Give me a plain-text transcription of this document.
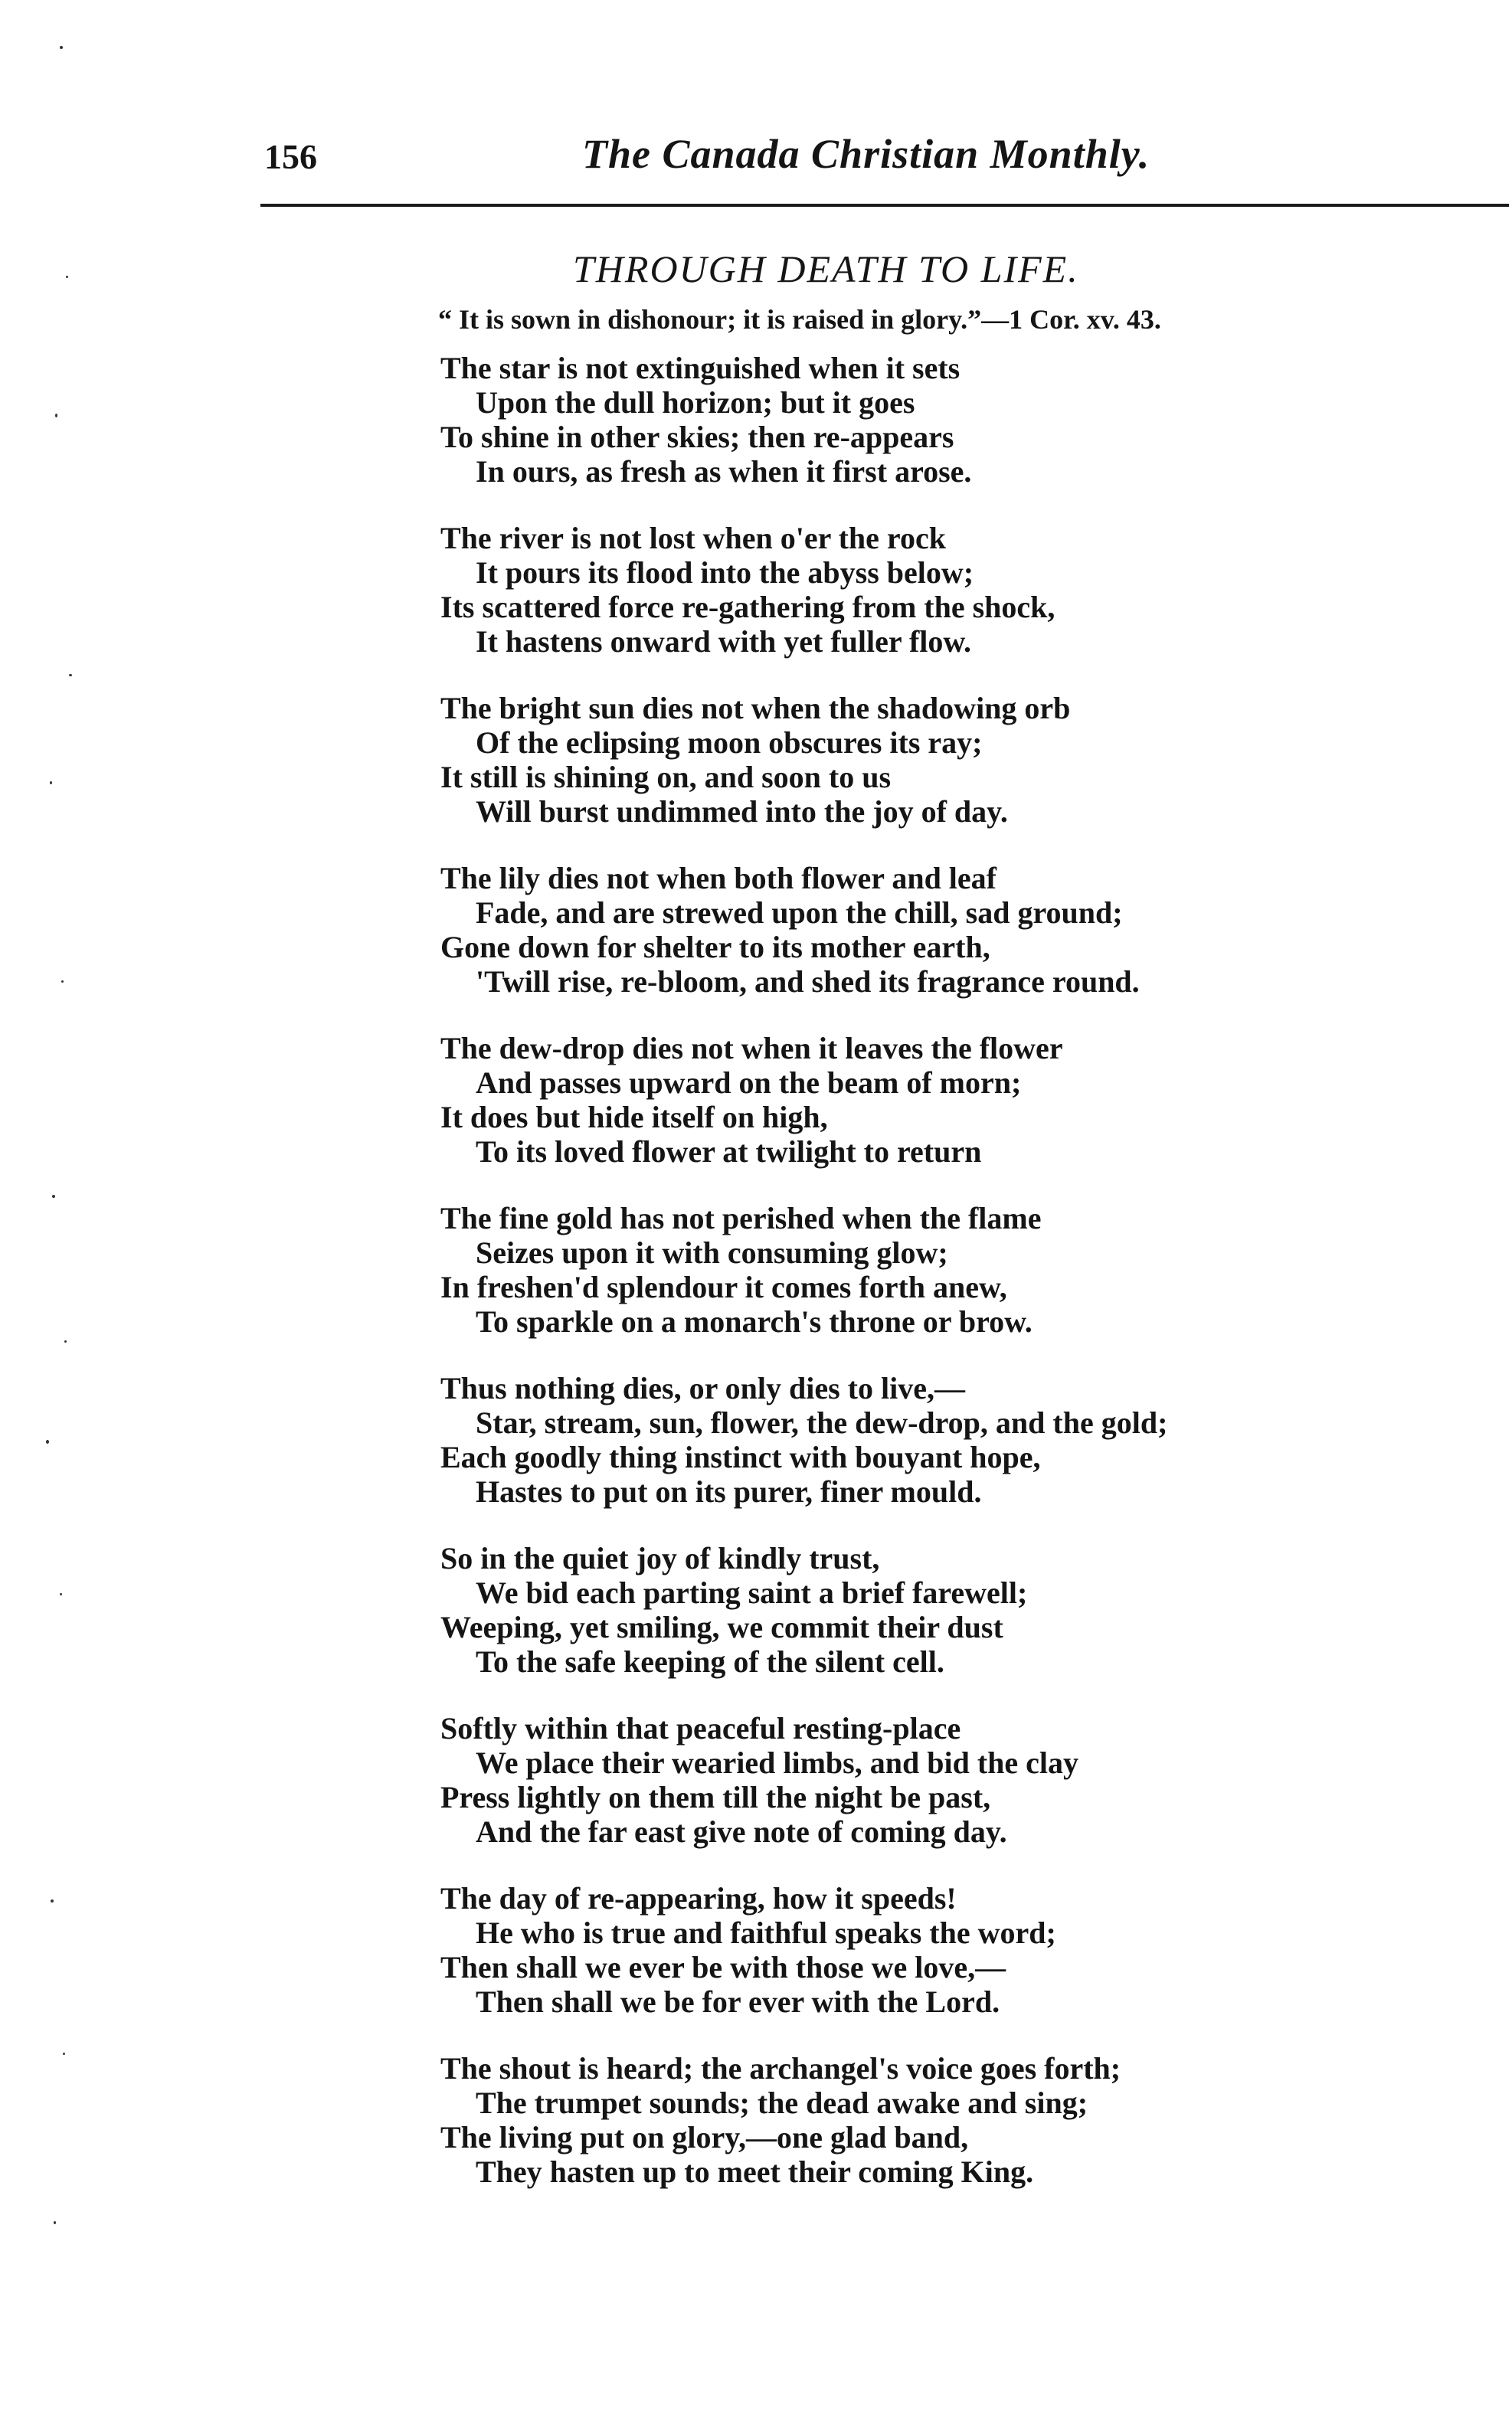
156	The Canada Christian Monthly.
THROUGH DEATH TO LIFE.
“ It is sown in dishonour; it is raised in glory.”—1 Cor. xv. 43.
The star is not extinguished when it sets
Upon the dull horizon; but it goes
To shine in other skies; then re-appears
In ours, as fresh as when it first arose.
The river is not lost when o'er the rock
It pours its flood into the abyss below;
Its scattered force re-gathering from the shock,
It hastens onward with yet fuller flow.
The bright sun dies not when the shadowing orb
Of the eclipsing moon obscures its ray;
It still is shining on, and soon to us
Will burst undimmed into the joy of day.
The lily dies not when both flower and leaf
Fade, and are strewed upon the chill, sad ground;
Gone down for shelter to its mother earth,
'Twill rise, re-bloom, and shed its fragrance round.
The dew-drop dies not when it leaves the flower
And passes upward on the beam of morn;
It does but hide itself on high,
To its loved flower at twilight to return
The fine gold has not perished when the flame
Seizes upon it with consuming glow;
In freshen'd splendour it comes forth anew,
To sparkle on a monarch's throne or brow.
Thus nothing dies, or only dies to live,—
Star, stream, sun, flower, the dew-drop, and the gold;
Each goodly thing instinct with bouyant hope,
Hastes to put on its purer, finer mould.
So in the quiet joy of kindly trust,
We bid each parting saint a brief farewell;
Weeping, yet smiling, we commit their dust
To the safe keeping of the silent cell.
Softly within that peaceful resting-place
We place their wearied limbs, and bid the clay
Press lightly on them till the night be past,
And the far east give note of coming day.
The day of re-appearing, how it speeds!
He who is true and faithful speaks the word;
Then shall we ever be with those we love,—
Then shall we be for ever with the Lord.
The shout is heard; the archangel's voice goes forth;
The trumpet sounds; the dead awake and sing;
The living put on glory,—one glad band,
They hasten up to meet their coming King.
